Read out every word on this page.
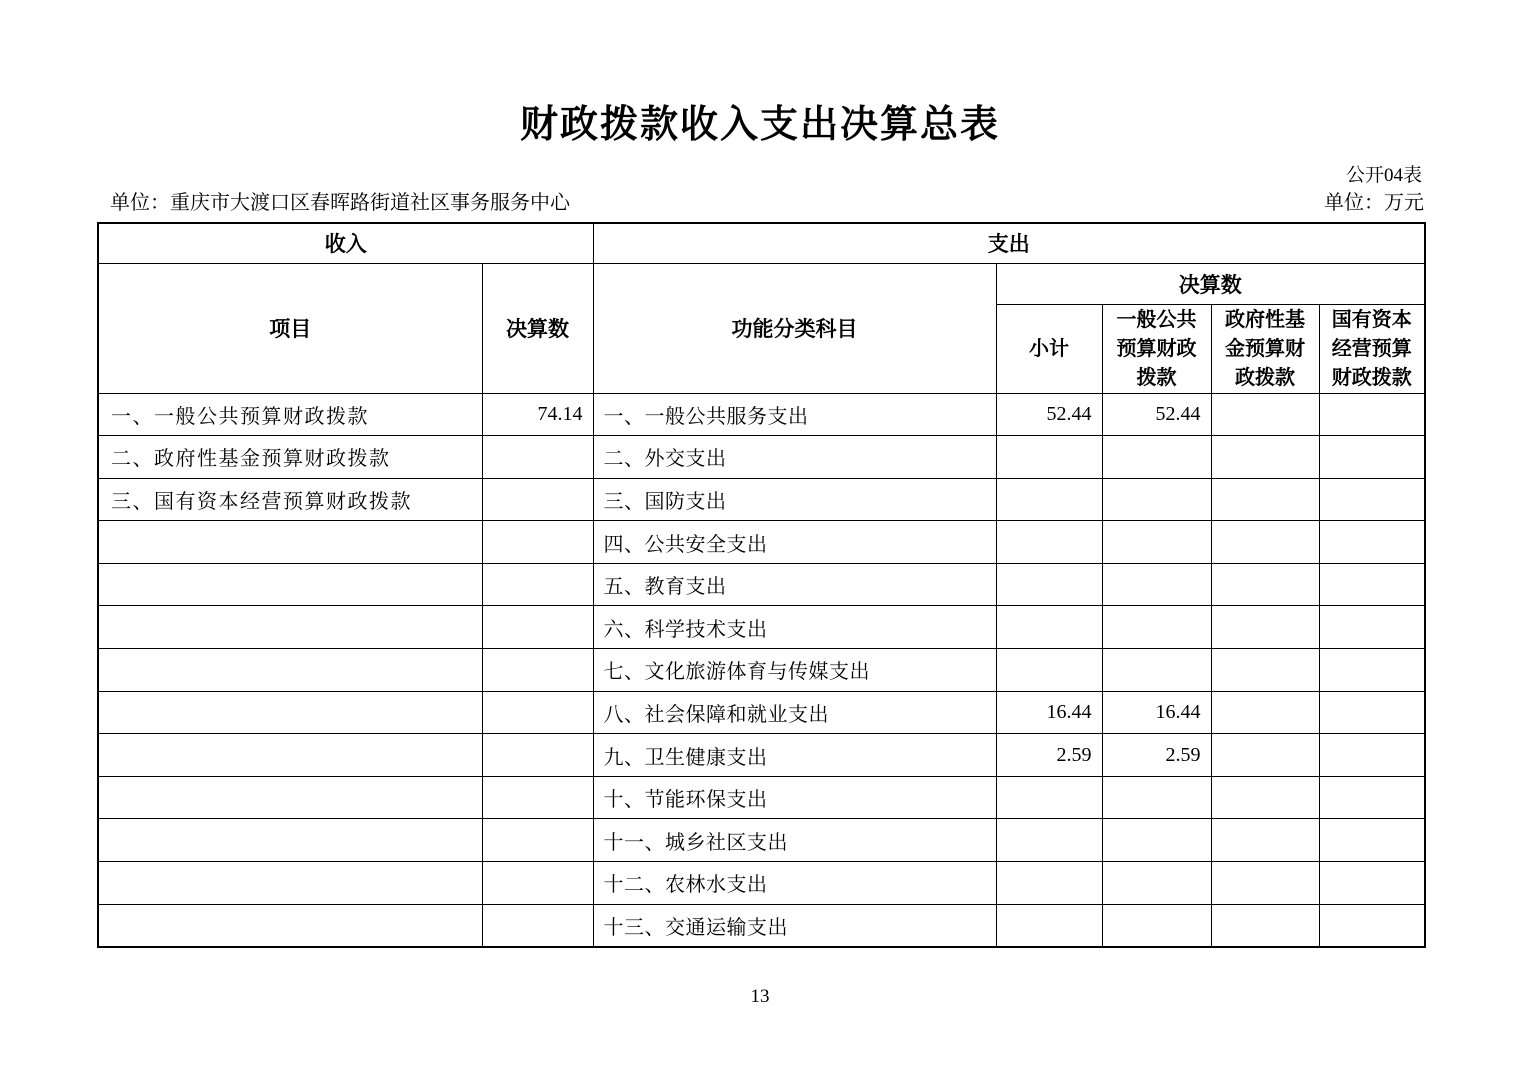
财政拨款收入支出决算总表
公开04表
单位：重庆市大渡口区春晖路街道社区事务服务中心	单位：万元
收入		支出				
项目	决算数	功能分类科目	决算数			
			小计	一般公共预算财政拨款	政府性基金预算财政拨款	国有资本经营预算财政拨款
一、一般公共预算财政拨款	74.14	一、一般公共服务支出	52.44	52.44		
二、政府性基金预算财政拨款		二、外交支出				
三、国有资本经营预算财政拨款		三、国防支出				
		四、公共安全支出				
		五、教育支出				
		六、科学技术支出				
		七、文化旅游体育与传媒支出				
		八、社会保障和就业支出	16.44	16.44		
		九、卫生健康支出	2.59	2.59		
		十、节能环保支出				
		十一、城乡社区支出				
		十二、农林水支出				
		十三、交通运输支出				
13
